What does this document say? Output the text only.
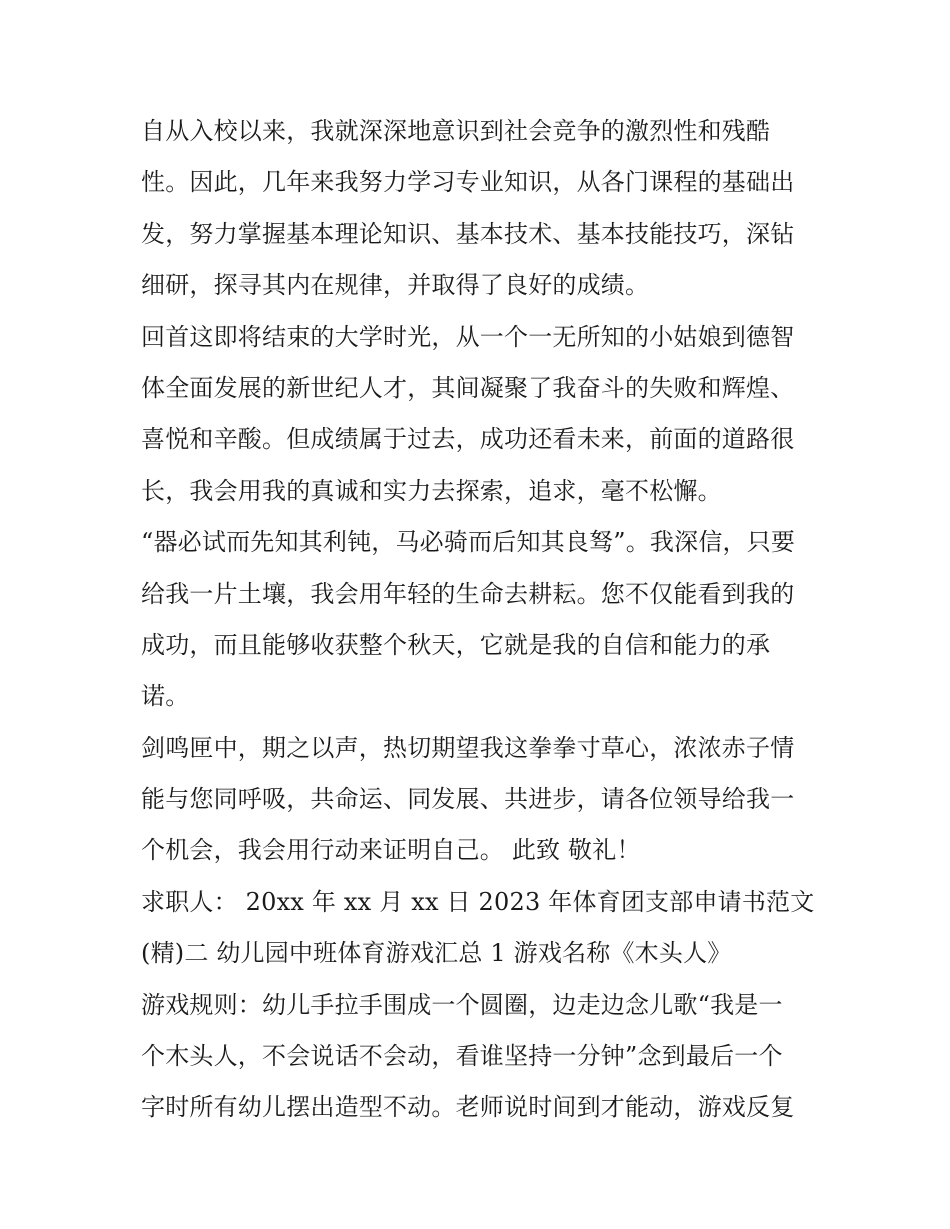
自从入校以来，我就深深地意识到社会竞争的激烈性和残酷
性。因此，几年来我努力学习专业知识，从各门课程的基础出
发，努力掌握基本理论知识、基本技术、基本技能技巧，深钻
细研，探寻其内在规律，并取得了良好的成绩。
回首这即将结束的大学时光，从一个一无所知的小姑娘到德智
体全面发展的新世纪人才，其间凝聚了我奋斗的失败和辉煌、
喜悦和辛酸。但成绩属于过去，成功还看未来，前面的道路很
长，我会用我的真诚和实力去探索，追求，毫不松懈。
“器必试而先知其利钝，马必骑而后知其良驽”。我深信，只要
给我一片土壤，我会用年轻的生命去耕耘。您不仅能看到我的
成功，而且能够收获整个秋天，它就是我的自信和能力的承
诺。
剑鸣匣中，期之以声，热切期望我这拳拳寸草心，浓浓赤子情
能与您同呼吸，共命运、同发展、共进步，请各位领导给我一
个机会，我会用行动来证明自己。 此致 敬礼！
求职人： 20xx 年 xx 月 xx 日 2023 年体育团支部申请书范文
(精)二 幼儿园中班体育游戏汇总 1 游戏名称《木头人》
游戏规则：幼儿手拉手围成一个圆圈，边走边念儿歌“我是一
个木头人，不会说话不会动，看谁坚持一分钟”念到最后一个
字时所有幼儿摆出造型不动。老师说时间到才能动，游戏反复
